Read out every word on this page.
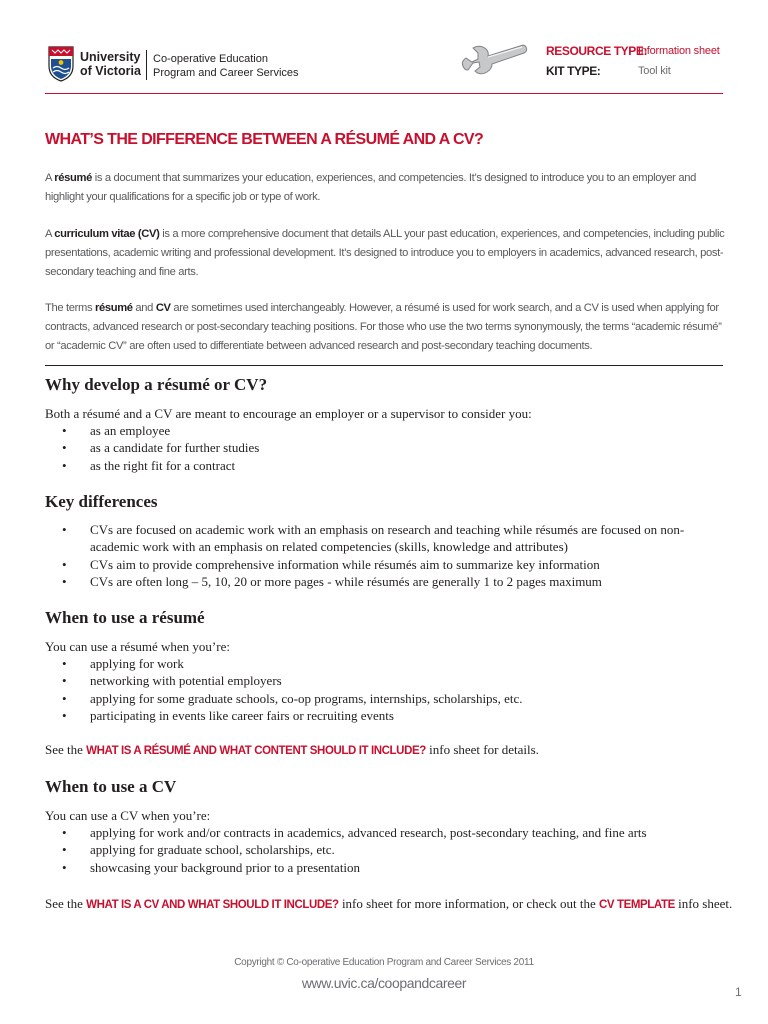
University
of Victoria
Co-operative Education
Program and Career Services
RESOURCE TYPE:
Information sheet
KIT TYPE:	Tool kit
WHAT’S THE DIFFERENCE BETWEEN A RÉSUMÉ AND A CV?
A résumé is a document that summarizes your education, experiences, and competencies. It’s designed to introduce you to an employer and highlight your qualifications for a specific job or type of work.
A curriculum vitae (CV) is a more comprehensive document that details ALL your past education, experiences, and competencies, including public presentations, academic writing and professional development. It’s designed to introduce you to employers in academics, advanced research, post-secondary teaching and fine arts.
The terms résumé and CV are sometimes used interchangeably. However, a résumé is used for work search, and a CV is used when applying for contracts, advanced research or post-secondary teaching positions. For those who use the two terms synonymously, the terms “academic résumé” or “academic CV” are often used to differentiate between advanced research and post-secondary teaching documents.
Why develop a résumé or CV?
Both a résumé and a CV are meant to encourage an employer or a supervisor to consider you:
• as an employee
• as a candidate for further studies
• as the right fit for a contract
Key differences
• CVs are focused on academic work with an emphasis on research and teaching while résumés are focused on non-academic work with an emphasis on related competencies (skills, knowledge and attributes)
• CVs aim to provide comprehensive information while résumés aim to summarize key information
• CVs are often long – 5, 10, 20 or more pages - while résumés are generally 1 to 2 pages maximum
When to use a résumé
You can use a résumé when you’re:
• applying for work
• networking with potential employers
• applying for some graduate schools, co-op programs, internships, scholarships, etc.
• participating in events like career fairs or recruiting events
See the WHAT IS A RÉSUMÉ AND WHAT CONTENT SHOULD IT INCLUDE? info sheet for details.
When to use a CV
You can use a CV when you’re:
• applying for work and/or contracts in academics, advanced research, post-secondary teaching, and fine arts
• applying for graduate school, scholarships, etc.
• showcasing your background prior to a presentation
See the WHAT IS A CV AND WHAT SHOULD IT INCLUDE? info sheet for more information, or check out the CV TEMPLATE info sheet.
Copyright © Co-operative Education Program and Career Services 2011
www.uvic.ca/coopandcareer
1
